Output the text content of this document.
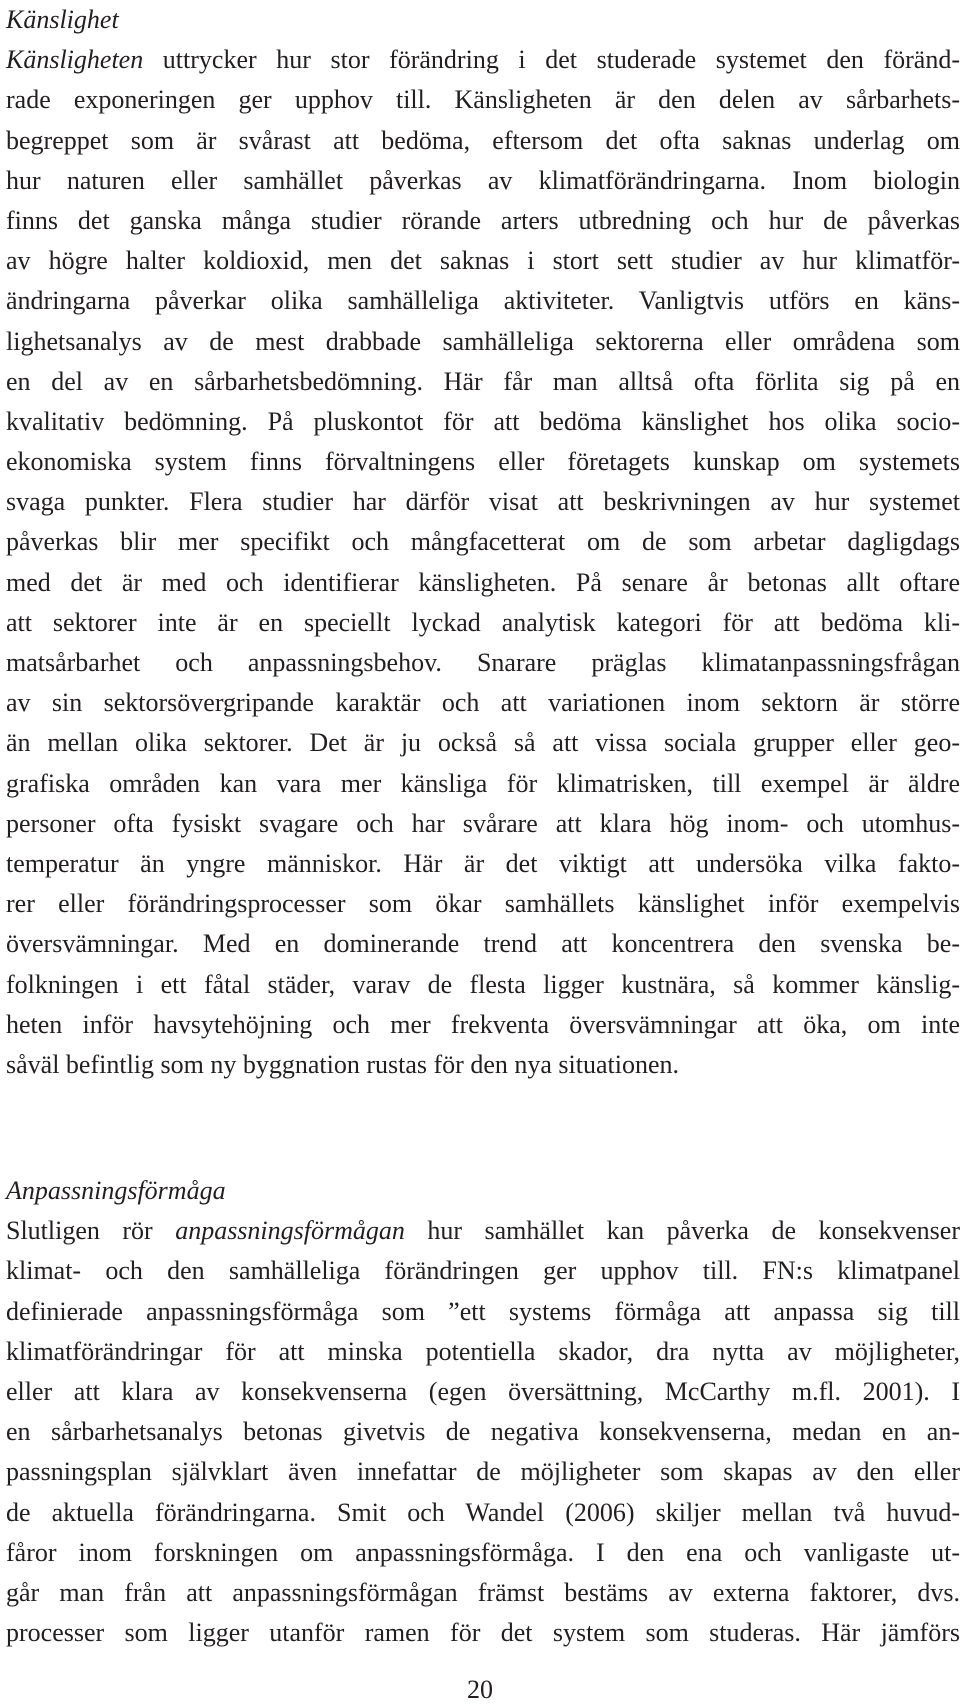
Känslighet
Känsligheten uttrycker hur stor förändring i det studerade systemet den föränd-
rade exponeringen ger upphov till. Känsligheten är den delen av sårbarhets-
begreppet som är svårast att bedöma, eftersom det ofta saknas underlag om
hur naturen eller samhället påverkas av klimatförändringarna. Inom biologin
finns det ganska många studier rörande arters utbredning och hur de påverkas
av högre halter koldioxid, men det saknas i stort sett studier av hur klimatför-
ändringarna påverkar olika samhälleliga aktiviteter. Vanligtvis utförs en käns-
lighetsanalys av de mest drabbade samhälleliga sektorerna eller områdena som
en del av en sårbarhetsbedömning. Här får man alltså ofta förlita sig på en
kvalitativ bedömning. På pluskontot för att bedöma känslighet hos olika socio-
ekonomiska system finns förvaltningens eller företagets kunskap om systemets
svaga punkter. Flera studier har därför visat att beskrivningen av hur systemet
påverkas blir mer specifikt och mångfacetterat om de som arbetar dagligdags
med det är med och identifierar känsligheten. På senare år betonas allt oftare
att sektorer inte är en speciellt lyckad analytisk kategori för att bedöma kli-
matsårbarhet och anpassningsbehov. Snarare präglas klimatanpassningsfrågan
av sin sektorsövergripande karaktär och att variationen inom sektorn är större
än mellan olika sektorer. Det är ju också så att vissa sociala grupper eller geo-
grafiska områden kan vara mer känsliga för klimatrisken, till exempel är äldre
personer ofta fysiskt svagare och har svårare att klara hög inom- och utomhus-
temperatur än yngre människor. Här är det viktigt att undersöka vilka faktо-
rer eller förändringsprocesser som ökar samhällets känslighet inför exempelvis
översvämningar. Med en dominerande trend att koncentrera den svenska be-
folkningen i ett fåtal städer, varav de flesta ligger kustnära, så kommer känslig-
heten inför havsytehöjning och mer frekventa översvämningar att öka, om inte
såväl befintlig som ny byggnation rustas för den nya situationen.
Anpassningsförmåga
Slutligen rör anpassningsförmågan hur samhället kan påverka de konsekvenser
klimat- och den samhälleliga förändringen ger upphov till. FN:s klimatpanel
definierade anpassningsförmåga som ”ett systems förmåga att anpassa sig till
klimatförändringar för att minska potentiella skador, dra nytta av möjligheter,
eller att klara av konsekvenserna (egen översättning, McCarthy m.fl. 2001). I
en sårbarhetsanalys betonas givetvis de negativa konsekvenserna, medan en an-
passningsplan självklart även innefattar de möjligheter som skapas av den eller
de aktuella förändringarna. Smit och Wandel (2006) skiljer mellan två huvud-
fåror inom forskningen om anpassningsförmåga. I den ena och vanligaste ut-
går man från att anpassningsförmågan främst bestäms av externa faktorer, dvs.
processer som ligger utanför ramen för det system som studeras. Här jämförs
20
